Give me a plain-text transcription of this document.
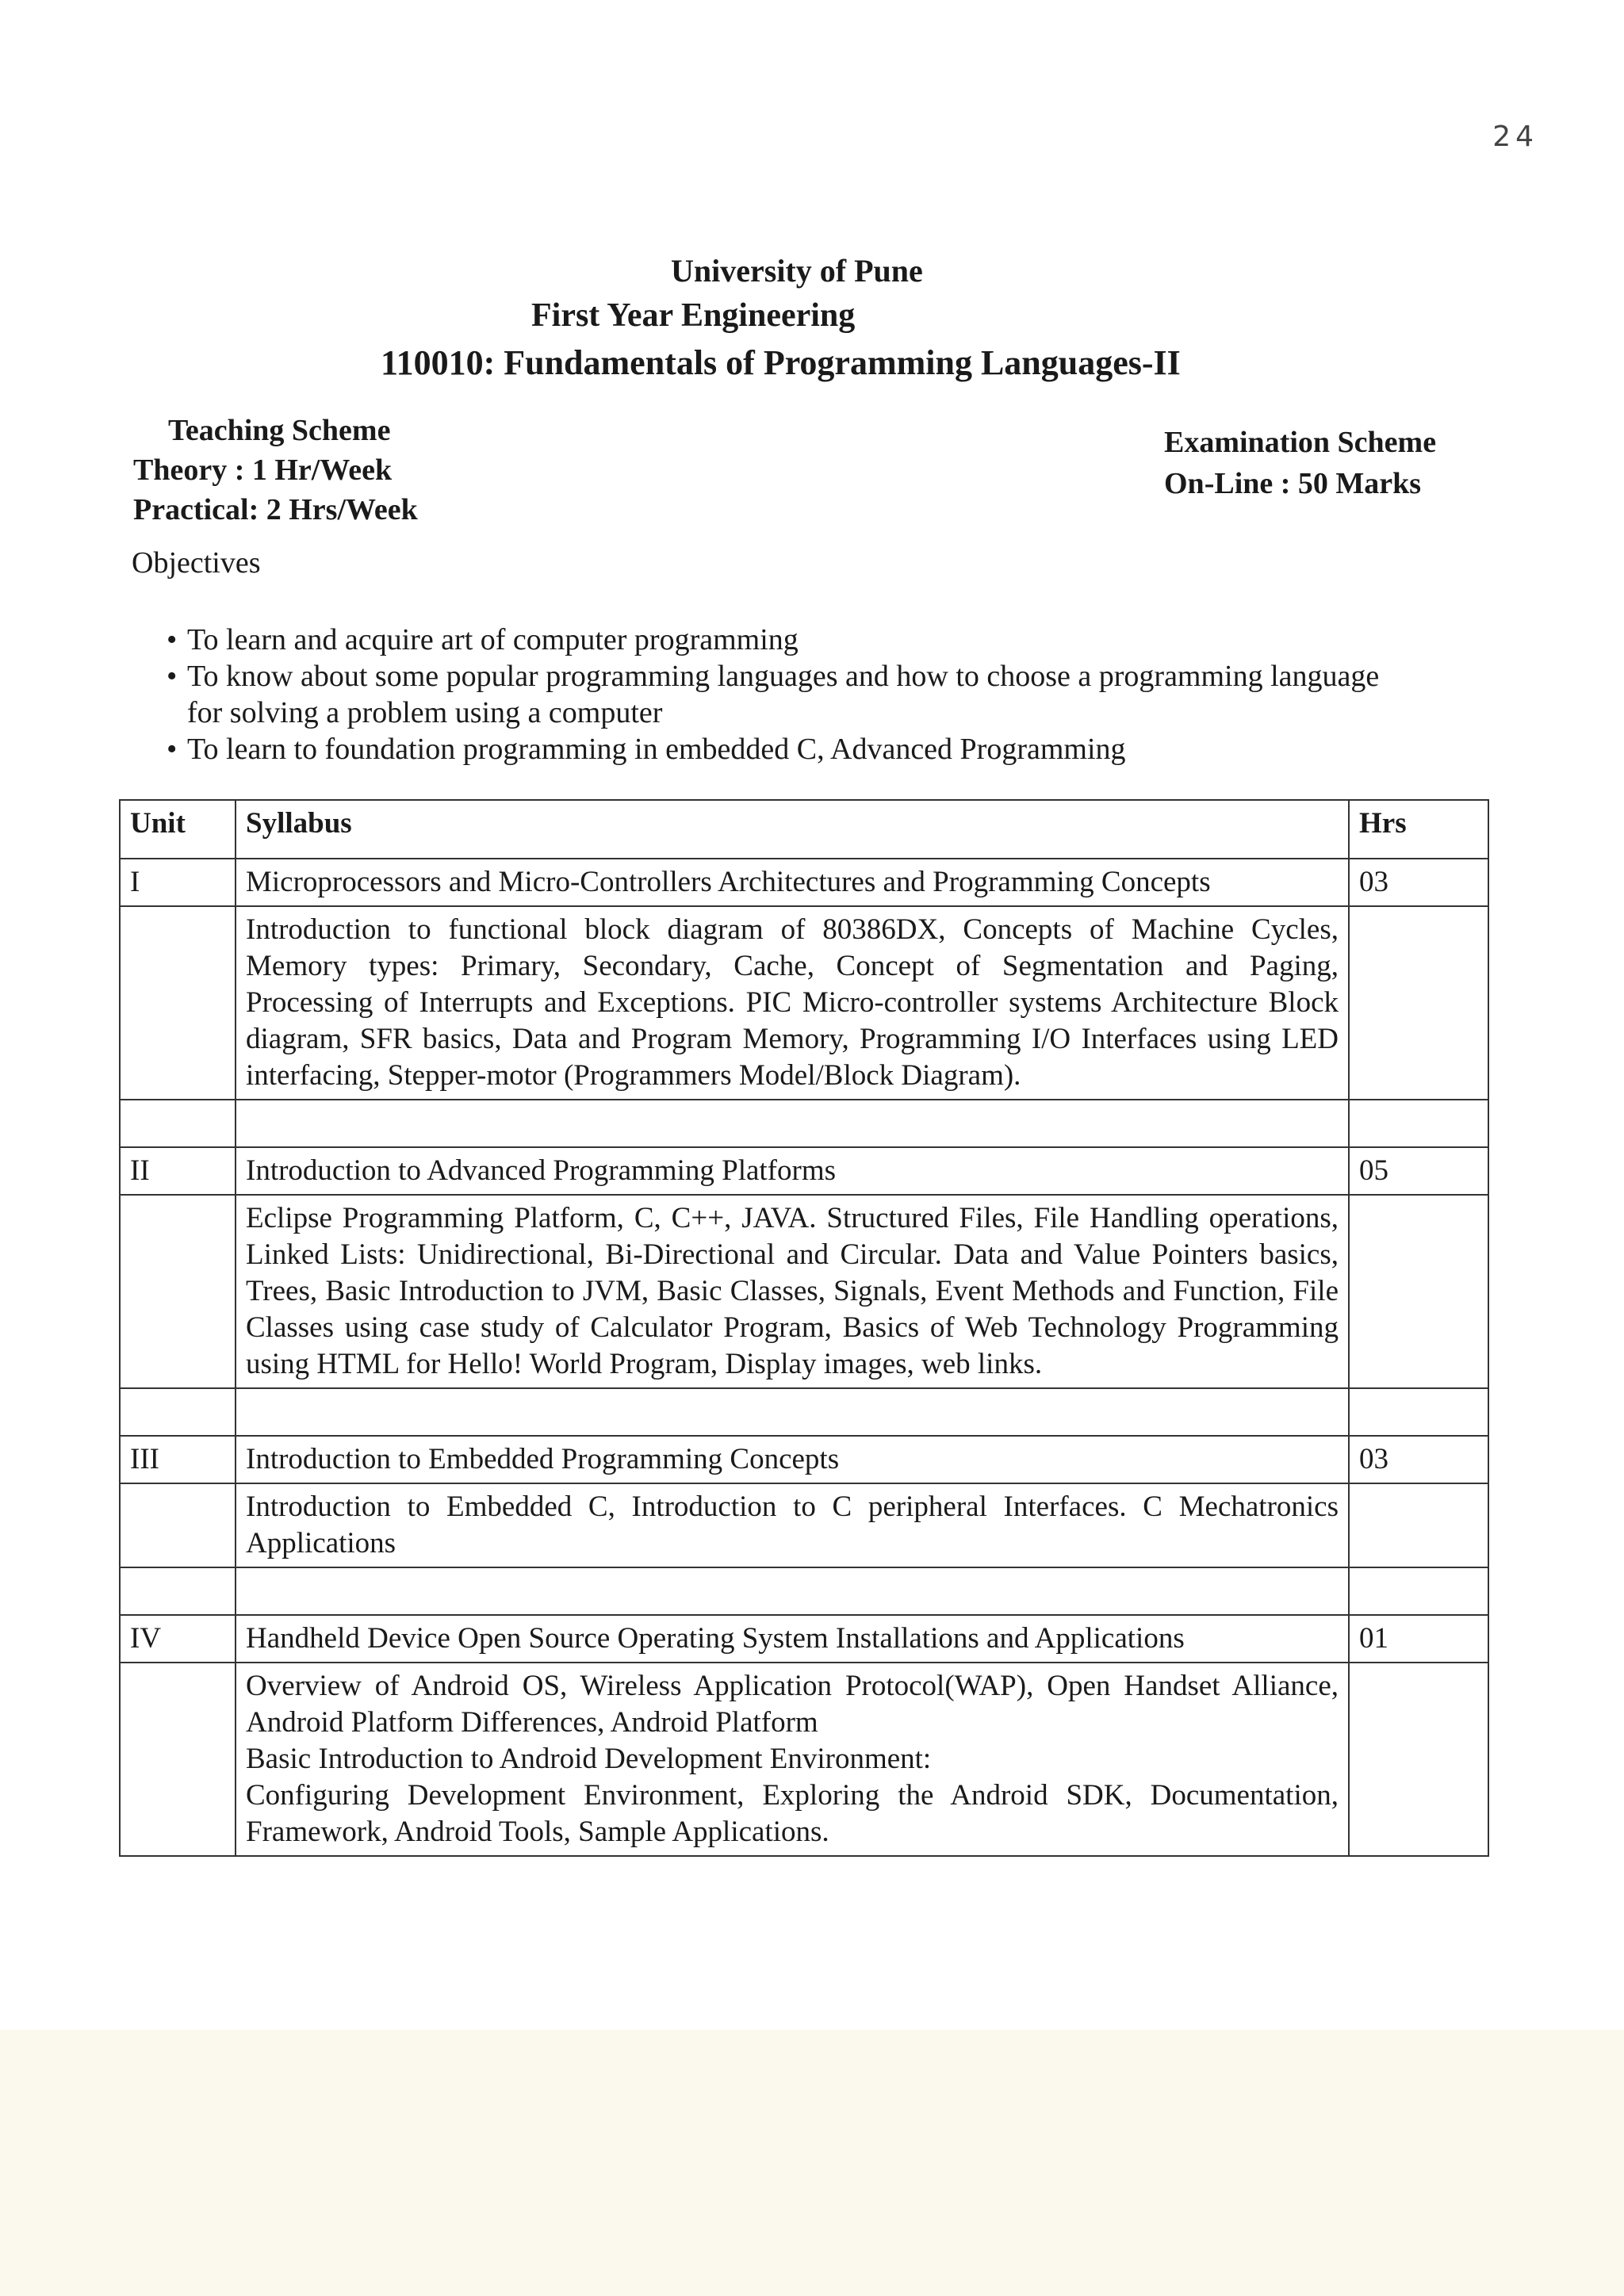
24
University of Pune
First Year Engineering
110010: Fundamentals of Programming Languages-II
Teaching Scheme
Theory : 1 Hr/Week
Practical: 2 Hrs/Week
Examination Scheme
On-Line : 50 Marks
Objectives
• To learn and acquire art of computer programming
• To know about some popular programming languages and how to choose a programming language for solving a problem using a computer
• To learn to foundation programming in embedded C, Advanced Programming
Unit	Syllabus	Hrs
I	Microprocessors and Micro-Controllers Architectures and Programming Concepts	03
	Introduction to functional block diagram of 80386DX, Concepts of Machine Cycles, Memory types: Primary, Secondary, Cache, Concept of Segmentation and Paging, Processing of Interrupts and Exceptions. PIC Micro-controller systems Architecture Block diagram, SFR basics, Data and Program Memory, Programming I/O Interfaces using LED interfacing, Stepper-motor (Programmers Model/Block Diagram).	

II	Introduction to Advanced Programming Platforms	05
	Eclipse Programming Platform, C, C++, JAVA. Structured Files, File Handling operations, Linked Lists: Unidirectional, Bi-Directional and Circular. Data and Value Pointers basics, Trees, Basic Introduction to JVM, Basic Classes, Signals, Event Methods and Function, File Classes using case study of Calculator Program, Basics of Web Technology Programming using HTML for Hello! World Program, Display images, web links.	

III	Introduction to Embedded Programming Concepts	03
	Introduction to Embedded C, Introduction to C peripheral Interfaces. C Mechatronics Applications	

IV	Handheld Device Open Source Operating System Installations and Applications	01

	Overview of Android OS, Wireless Application Protocol(WAP), Open Handset Alliance, Android Platform Differences, Android Platform
Basic Introduction to Android Development Environment:
Configuring Development Environment, Exploring the Android SDK, Documentation, Framework, Android Tools, Sample Applications.	
